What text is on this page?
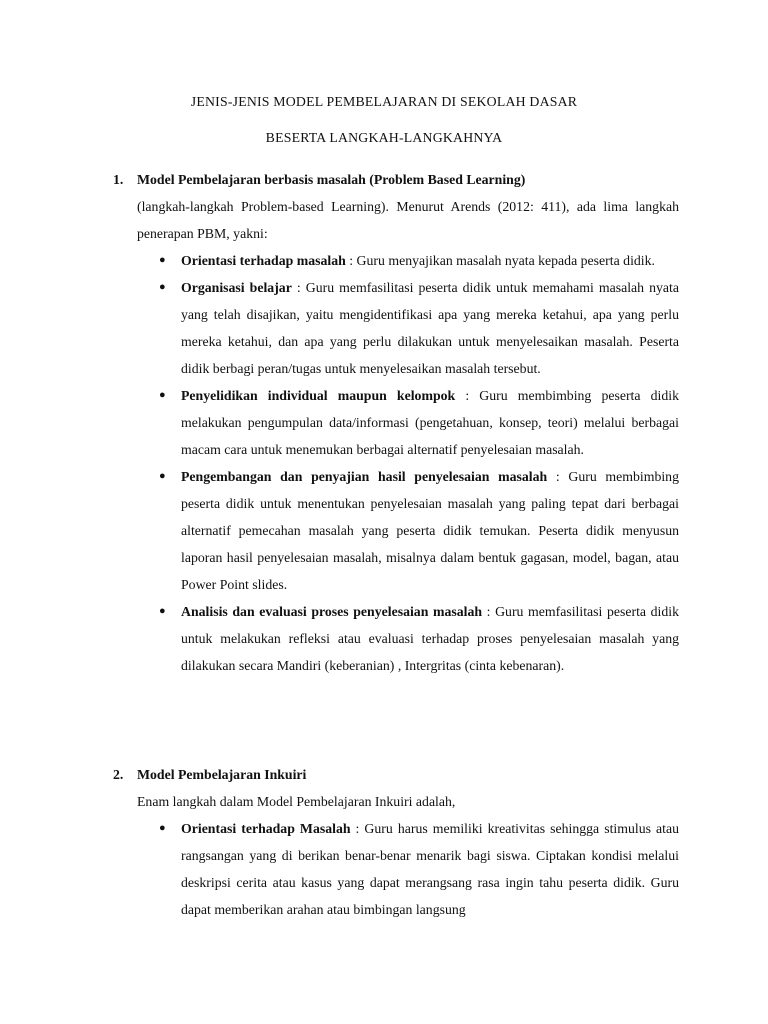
JENIS-JENIS MODEL PEMBELAJARAN DI SEKOLAH DASAR
BESERTA LANGKAH-LANGKAHNYA
1. Model Pembelajaran berbasis masalah (Problem Based Learning)
(langkah-langkah Problem-based Learning). Menurut Arends (2012: 411), ada lima langkah penerapan PBM, yakni:
● Orientasi terhadap masalah : Guru menyajikan masalah nyata kepada peserta didik.
● Organisasi belajar : Guru memfasilitasi peserta didik untuk memahami masalah nyata yang telah disajikan, yaitu mengidentifikasi apa yang mereka ketahui, apa yang perlu mereka ketahui, dan apa yang perlu dilakukan untuk menyelesaikan masalah. Peserta didik berbagi peran/tugas untuk menyelesaikan masalah tersebut.
● Penyelidikan individual maupun kelompok : Guru membimbing peserta didik melakukan pengumpulan data/informasi (pengetahuan, konsep, teori) melalui berbagai macam cara untuk menemukan berbagai alternatif penyelesaian masalah.
● Pengembangan dan penyajian hasil penyelesaian masalah : Guru membimbing peserta didik untuk menentukan penyelesaian masalah yang paling tepat dari berbagai alternatif pemecahan masalah yang peserta didik temukan. Peserta didik menyusun laporan hasil penyelesaian masalah, misalnya dalam bentuk gagasan, model, bagan, atau Power Point slides.
● Analisis dan evaluasi proses penyelesaian masalah : Guru memfasilitasi peserta didik untuk melakukan refleksi atau evaluasi terhadap proses penyelesaian masalah yang dilakukan secara Mandiri (keberanian) , Intergritas (cinta kebenaran).
2. Model Pembelajaran Inkuiri
Enam langkah dalam Model Pembelajaran Inkuiri adalah,
● Orientasi terhadap Masalah : Guru harus memiliki kreativitas sehingga stimulus atau rangsangan yang di berikan benar-benar menarik bagi siswa. Ciptakan kondisi melalui deskripsi cerita atau kasus yang dapat merangsang rasa ingin tahu peserta didik. Guru dapat memberikan arahan atau bimbingan langsung
